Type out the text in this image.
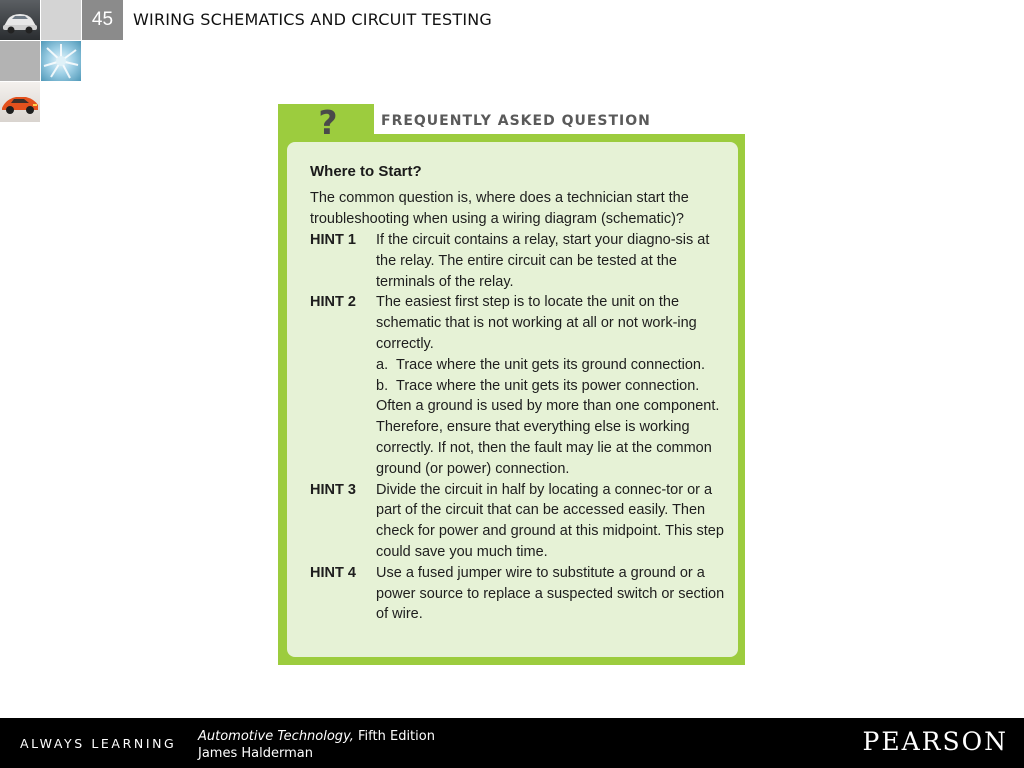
45	WIRING SCHEMATICS AND CIRCUIT TESTING
?	FREQUENTLY ASKED QUESTION
Where to Start?
The common question is, where does a technician start the troubleshooting when using a wiring diagram (schematic)?
HINT 1	If the circuit contains a relay, start your diagno-sis at the relay. The entire circuit can be tested at the terminals of the relay.
HINT 2	The easiest first step is to locate the unit on the schematic that is not working at all or not work-ing correctly.
a. Trace where the unit gets its ground connection.
b. Trace where the unit gets its power connection.
Often a ground is used by more than one component. Therefore, ensure that everything else is working correctly. If not, then the fault may lie at the common ground (or power) connection.
HINT 3	Divide the circuit in half by locating a connec-tor or a part of the circuit that can be accessed easily. Then check for power and ground at this midpoint. This step could save you much time.
HINT 4	Use a fused jumper wire to substitute a ground or a power source to replace a suspected switch or section of wire.
ALWAYS LEARNING Automotive Technology, Fifth Edition
James Halderman	PEARSON
